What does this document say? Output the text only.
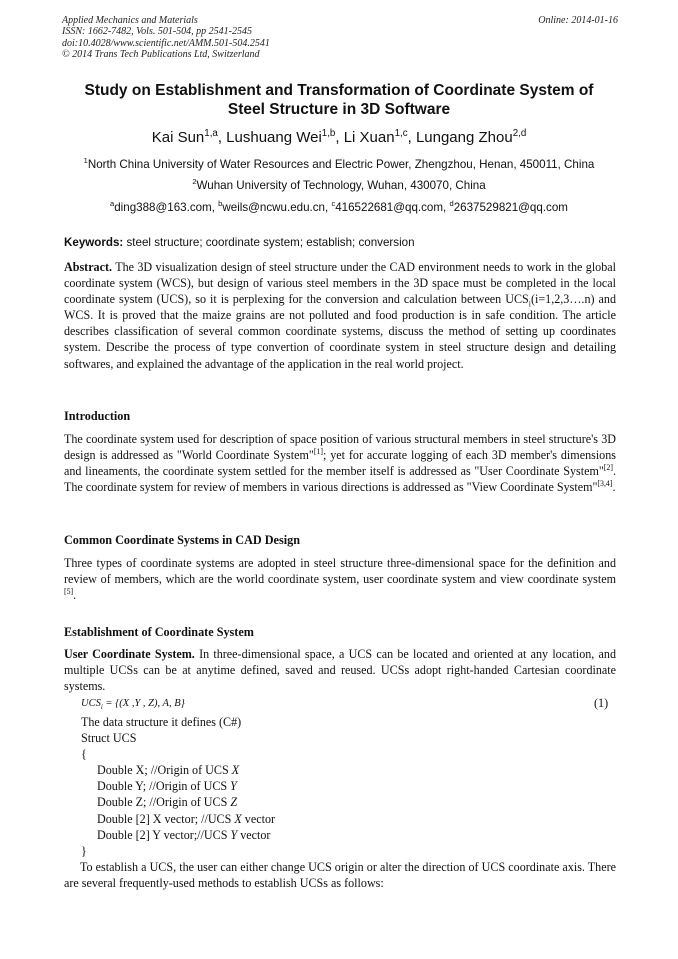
Applied Mechanics and Materials
ISSN: 1662-7482, Vols. 501-504, pp 2541-2545
doi:10.4028/www.scientific.net/AMM.501-504.2541
© 2014 Trans Tech Publications Ltd, Switzerland
Online: 2014-01-16
Study on Establishment and Transformation of Coordinate System of
Steel Structure in 3D Software
Kai Sun$^{1,a}$, Lushuang Wei$^{1,b}$, Li Xuan$^{1,c}$, Lungang Zhou$^{2,d}$
$^1$North China University of Water Resources and Electric Power, Zhengzhou, Henan, 450011, China
$^2$Wuhan University of Technology, Wuhan, 430070, China
$^a$ding388@163.com, $^b$weils@ncwu.edu.cn, $^c$416522681@qq.com, $^d$2637529821@qq.com
Keywords: steel structure; coordinate system; establish; conversion
Abstract. The 3D visualization design of steel structure under the CAD environment needs to work in the global coordinate system (WCS), but design of various steel members in the 3D space must be completed in the local coordinate system (UCS), so it is perplexing for the conversion and calculation between $UCS_i(i=1,2,3\dots.n)$ and WCS. It is proved that the maize grains are not polluted and food production is in safe condition. The article describes classification of several common coordinate systems, discuss the method of setting up coordinates system. Describe the process of type convertion of coordinate system in steel structure design and detailing softwares, and explained the advantage of the application in the real world project.
Introduction
The coordinate system used for description of space position of various structural members in steel structure's 3D design is addressed as "World Coordinate System"[1]; yet for accurate logging of each 3D member's dimensions and lineaments, the coordinate system settled for the member itself is addressed as "User Coordinate System"[2]. The coordinate system for review of members in various directions is addressed as "View Coordinate System"[3,4].
Common Coordinate Systems in CAD Design
Three types of coordinate systems are adopted in steel structure three-dimensional space for the definition and review of members, which are the world coordinate system, user coordinate system and view coordinate system [5].
Establishment of Coordinate System
User Coordinate System. In three-dimensional space, a UCS can be located and oriented at any location, and multiple UCSs can be at anytime defined, saved and reused. UCSs adopt right-handed Cartesian coordinate systems.
$UCS_i = \{(X$ ,Y , Z), A, B}	(1)
The data structure it defines (C#)
Struct UCS
{
Double X; //Origin of UCS X
Double Y; //Origin of UCS Y
Double Z; //Origin of UCS Z
Double [2] X vector; //UCS X vector
Double [2] Y vector;//UCS Y vector
}
To establish a UCS, the user can either change UCS origin or alter the direction of UCS coordinate axis. There are several frequently-used methods to establish UCSs as follows:
